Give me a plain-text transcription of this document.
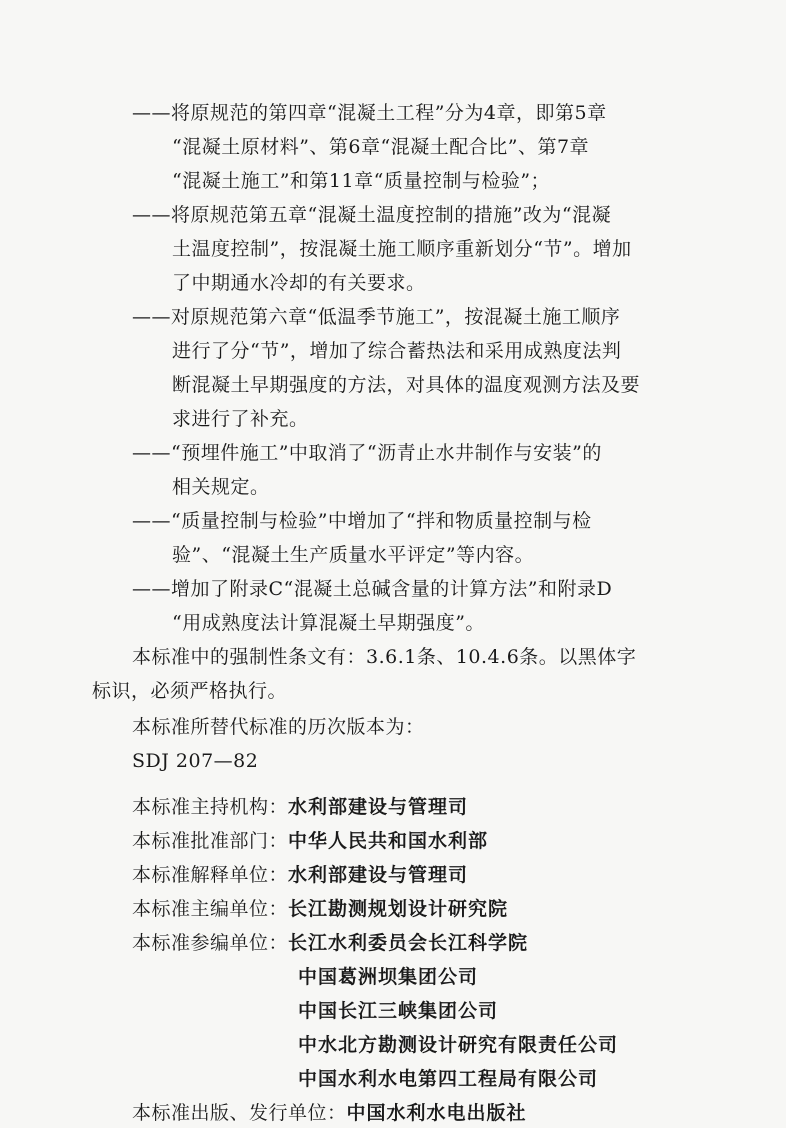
——将原规范的第四章“混凝土工程”分为4章，即第5章
“混凝土原材料”、第6章“混凝土配合比”、第7章
“混凝土施工”和第11章“质量控制与检验”；
——将原规范第五章“混凝土温度控制的措施”改为“混凝
土温度控制”，按混凝土施工顺序重新划分“节”。增加
了中期通水冷却的有关要求。
——对原规范第六章“低温季节施工”，按混凝土施工顺序
进行了分“节”，增加了综合蓄热法和采用成熟度法判
断混凝土早期强度的方法，对具体的温度观测方法及要
求进行了补充。
——“预埋件施工”中取消了“沥青止水井制作与安装”的
相关规定。
——“质量控制与检验”中增加了“拌和物质量控制与检
验”、“混凝土生产质量水平评定”等内容。
——增加了附录C“混凝土总碱含量的计算方法”和附录D
“用成熟度法计算混凝土早期强度”。
本标准中的强制性条文有：3.6.1条、10.4.6条。以黑体字
标识，必须严格执行。
本标准所替代标准的历次版本为：
SDJ 207—82
本标准主持机构：水利部建设与管理司
本标准批准部门：中华人民共和国水利部
本标准解释单位：水利部建设与管理司
本标准主编单位：长江勘测规划设计研究院
本标准参编单位：长江水利委员会长江科学院
中国葛洲坝集团公司
中国长江三峡集团公司
中水北方勘测设计研究有限责任公司
中国水利水电第四工程局有限公司
本标准出版、发行单位：中国水利水电出版社
